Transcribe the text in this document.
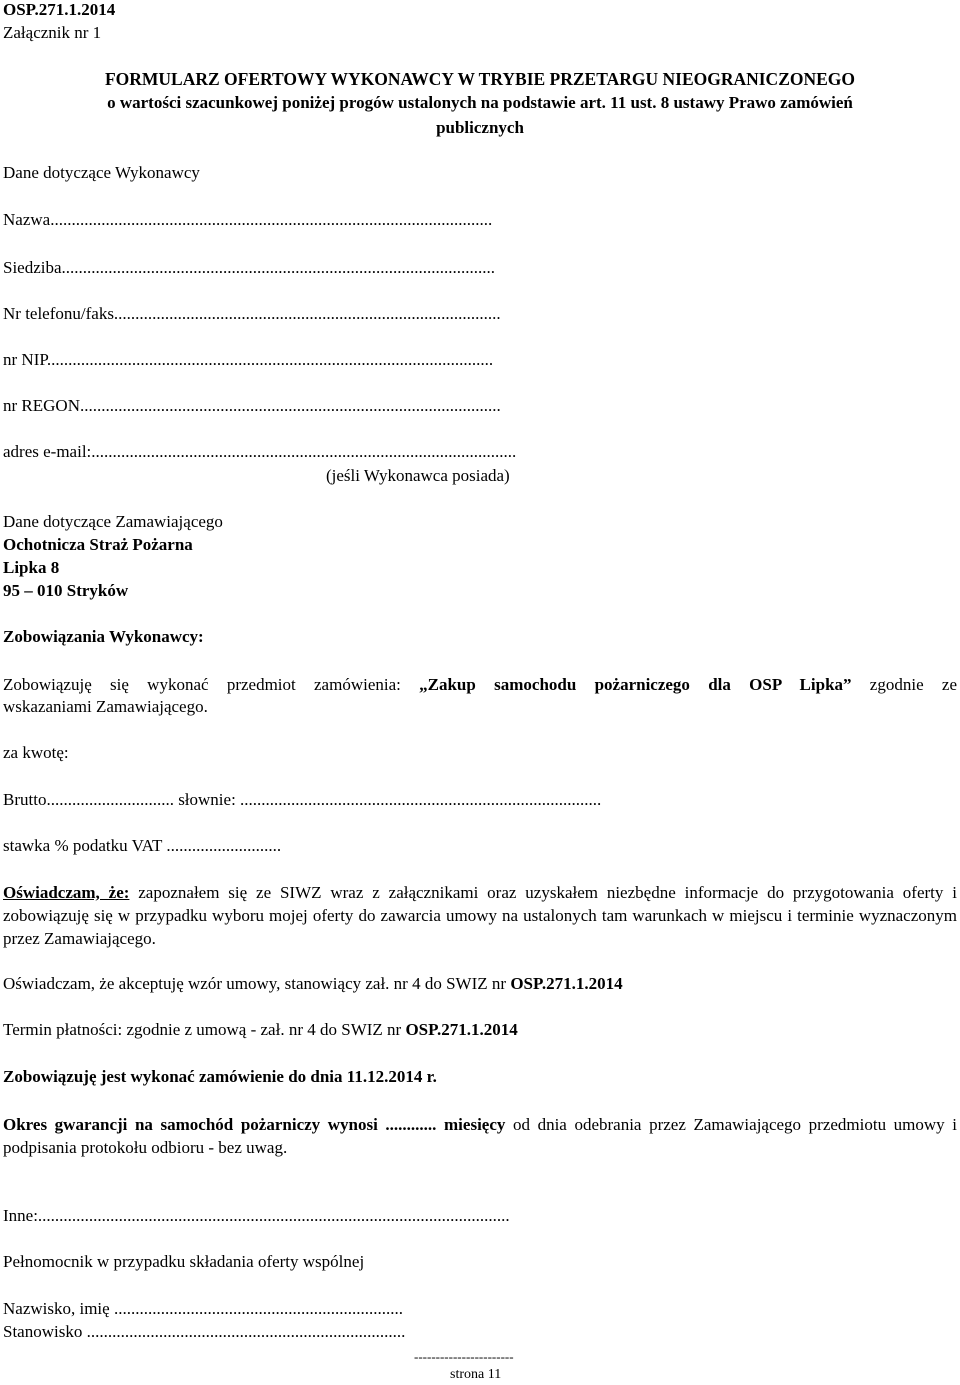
OSP.271.1.2014
Załącznik nr 1
FORMULARZ OFERTOWY WYKONAWCY W TRYBIE PRZETARGU NIEOGRANICZONEGO
o wartości szacunkowej poniżej progów ustalonych na podstawie art. 11 ust. 8 ustawy Prawo zamówień
publicznych
Dane dotyczące Wykonawcy
Nazwa........................................................................................................
Siedziba......................................................................................................
Nr telefonu/faks...........................................................................................
nr NIP.........................................................................................................
nr REGON...................................................................................................
adres e-mail:....................................................................................................
(jeśli Wykonawca posiada)
Dane dotyczące Zamawiającego
Ochotnicza Straż Pożarna
Lipka 8
95 – 010 Stryków
Zobowiązania Wykonawcy:
Zobowiązuję się wykonać przedmiot zamówienia: „Zakup samochodu pożarniczego dla OSP Lipka” zgodnie ze
wskazaniami Zamawiającego.
za kwotę:
Brutto.............................. słownie: .....................................................................................
stawka % podatku VAT ...........................
Oświadczam, że: zapoznałem się ze SIWZ wraz z załącznikami oraz uzyskałem niezbędne informacje do przygotowania oferty i zobowiązuję się w przypadku wyboru mojej oferty do zawarcia umowy na ustalonych tam warunkach w miejscu i terminie wyznaczonym przez Zamawiającego.
Oświadczam, że akceptuję wzór umowy, stanowiący zał. nr 4 do SWIZ nr OSP.271.1.2014
Termin płatności: zgodnie z umową - zał. nr 4 do SWIZ nr OSP.271.1.2014
Zobowiązuję jest wykonać zamówienie do dnia 11.12.2014 r.
Okres gwarancji na samochód pożarniczy wynosi ............ miesięcy od dnia odebrania przez Zamawiającego przedmiotu umowy i podpisania protokołu odbioru - bez uwag.
Inne:...............................................................................................................
Pełnomocnik w przypadku składania oferty wspólnej
Nazwisko, imię ....................................................................
Stanowisko ...........................................................................
-----------------------
strona 11
